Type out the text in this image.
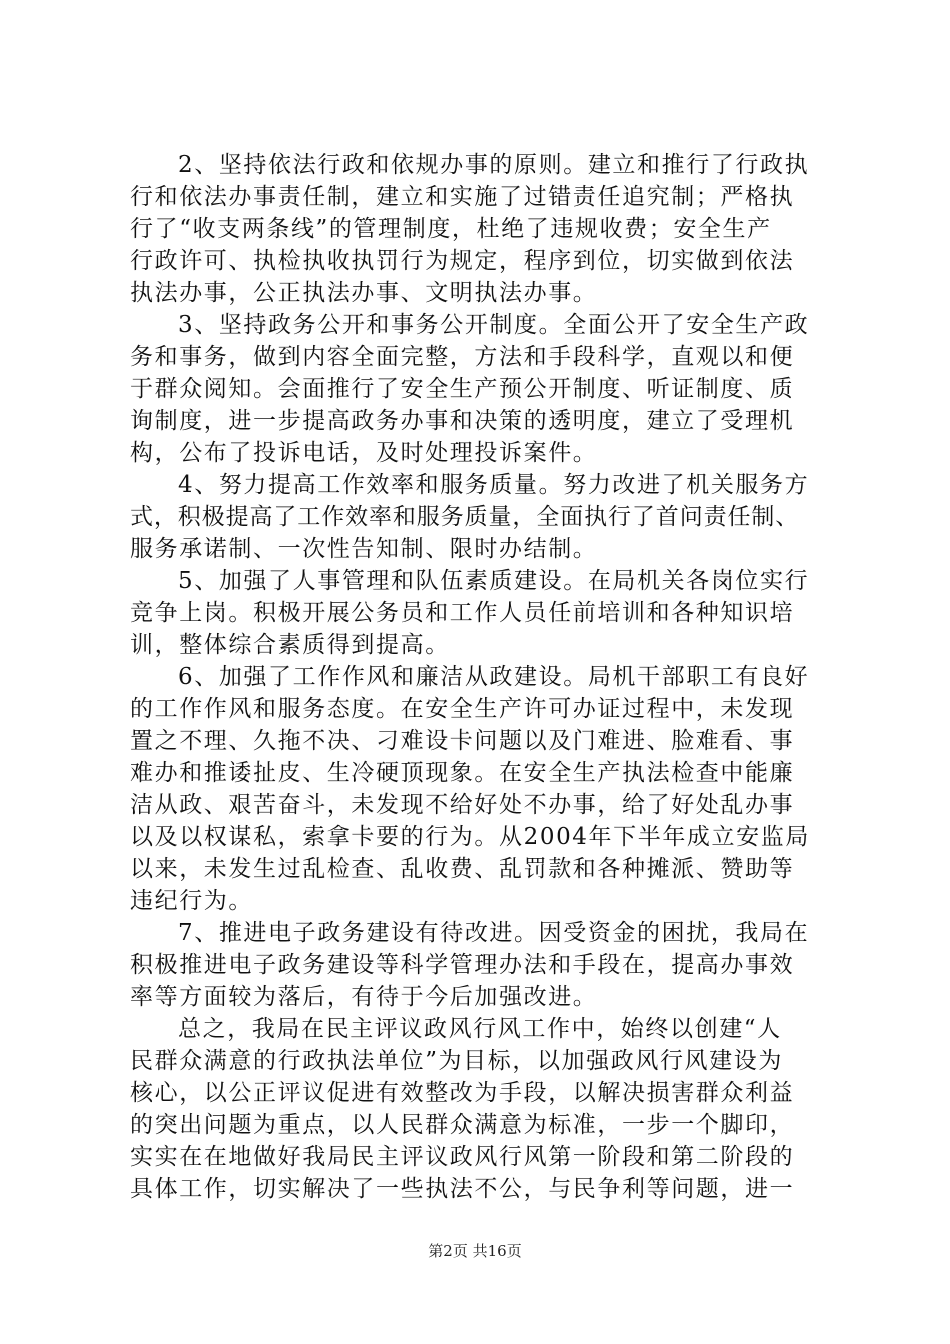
2、坚持依法行政和依规办事的原则。建立和推行了行政执
行和依法办事责任制，建立和实施了过错责任追究制；严格执
行了“收支两条线”的管理制度，杜绝了违规收费；安全生产
行政许可、执检执收执罚行为规定，程序到位，切实做到依法
执法办事，公正执法办事、文明执法办事。
3、坚持政务公开和事务公开制度。全面公开了安全生产政
务和事务，做到内容全面完整，方法和手段科学，直观以和便
于群众阅知。会面推行了安全生产预公开制度、听证制度、质
询制度，进一步提高政务办事和决策的透明度，建立了受理机
构，公布了投诉电话，及时处理投诉案件。
4、努力提高工作效率和服务质量。努力改进了机关服务方
式，积极提高了工作效率和服务质量，全面执行了首问责任制、
服务承诺制、一次性告知制、限时办结制。
5、加强了人事管理和队伍素质建设。在局机关各岗位实行
竞争上岗。积极开展公务员和工作人员任前培训和各种知识培
训，整体综合素质得到提高。
6、加强了工作作风和廉洁从政建设。局机干部职工有良好
的工作作风和服务态度。在安全生产许可办证过程中，未发现
置之不理、久拖不决、刁难设卡问题以及门难进、脸难看、事
难办和推诿扯皮、生冷硬顶现象。在安全生产执法检查中能廉
洁从政、艰苦奋斗，未发现不给好处不办事，给了好处乱办事
以及以权谋私，索拿卡要的行为。从2004年下半年成立安监局
以来，未发生过乱检查、乱收费、乱罚款和各种摊派、赞助等
违纪行为。
7、推进电子政务建设有待改进。因受资金的困扰，我局在
积极推进电子政务建设等科学管理办法和手段在，提高办事效
率等方面较为落后，有待于今后加强改进。
总之，我局在民主评议政风行风工作中，始终以创建“人
民群众满意的行政执法单位”为目标，以加强政风行风建设为
核心，以公正评议促进有效整改为手段，以解决损害群众利益
的突出问题为重点，以人民群众满意为标准，一步一个脚印，
实实在在地做好我局民主评议政风行风第一阶段和第二阶段的
具体工作，切实解决了一些执法不公，与民争利等问题，进一
第2页 共16页
